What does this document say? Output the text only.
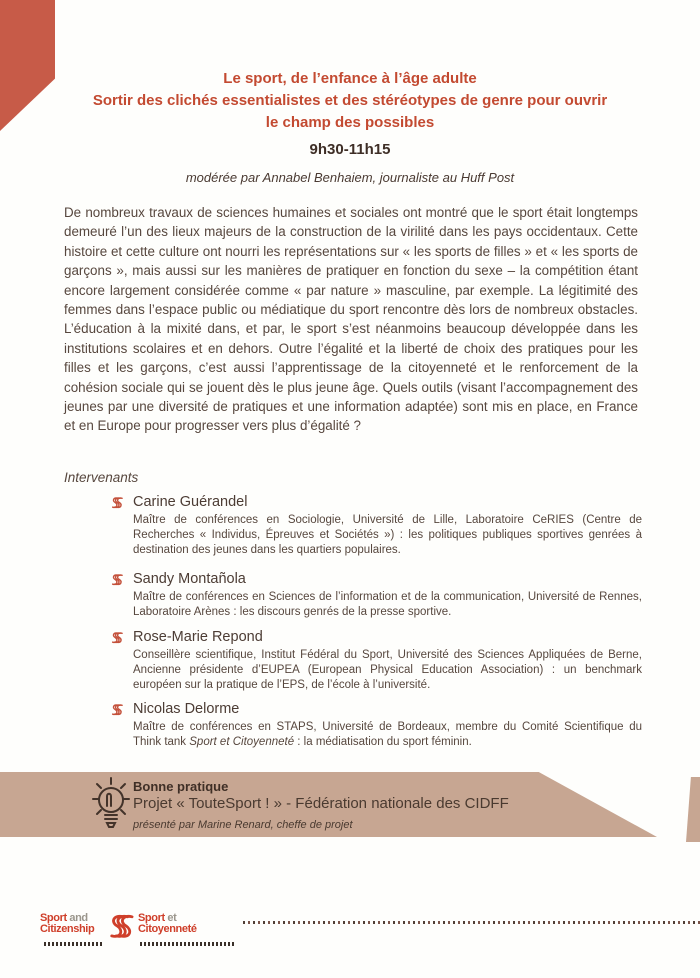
Le sport, de l’enfance à l’âge adulte
Sortir des clichés essentialistes et des stéréotypes de genre pour ouvrir
le champ des possibles
9h30-11h15
modérée par Annabel Benhaiem, journaliste au Huff Post
De nombreux travaux de sciences humaines et sociales ont montré que le sport était longtemps demeuré l’un des lieux majeurs de la construction de la virilité dans les pays occidentaux. Cette histoire et cette culture ont nourri les représentations sur « les sports de filles » et « les sports de garçons », mais aussi sur les manières de pratiquer en fonction du sexe – la compétition étant encore largement considérée comme « par nature » masculine, par exemple. La légitimité des femmes dans l’espace public ou médiatique du sport rencontre dès lors de nombreux obstacles. L’éducation à la mixité dans, et par, le sport s’est néanmoins beaucoup développée dans les institutions scolaires et en dehors. Outre l’égalité et la liberté de choix des pratiques pour les filles et les garçons, c’est aussi l’apprentissage de la citoyenneté et le renforcement de la cohésion sociale qui se jouent dès le plus jeune âge. Quels outils (visant l’accompagnement des jeunes par une diversité de pratiques et une information adaptée) sont mis en place, en France et en Europe pour progresser vers plus d’égalité ?
Intervenants
Carine Guérandel
Maître de conférences en Sociologie, Université de Lille, Laboratoire CeRIES (Centre de Recherches « Individus, Épreuves et Sociétés ») : les politiques publiques sportives genrées à destination des jeunes dans les quartiers populaires.
Sandy Montañola
Maître de conférences en Sciences de l’information et de la communication, Université de Rennes, Laboratoire Arènes : les discours genrés de la presse sportive.
Rose-Marie Repond
Conseillère scientifique, Institut Fédéral du Sport, Université des Sciences Appliquées de Berne, Ancienne présidente d’EUPEA (European Physical Education Association) : un benchmark européen sur la pratique de l’EPS, de l’école à l’université.
Nicolas Delorme
Maître de conférences en STAPS, Université de Bordeaux, membre du Comité Scientifique du Think tank Sport et Citoyenneté : la médiatisation du sport féminin.
Bonne pratique
Projet « TouteSport ! » - Fédération nationale des CIDFF
présenté par Marine Renard, cheffe de projet
Sport and
Citizenship
Sport et
Citoyenneté
